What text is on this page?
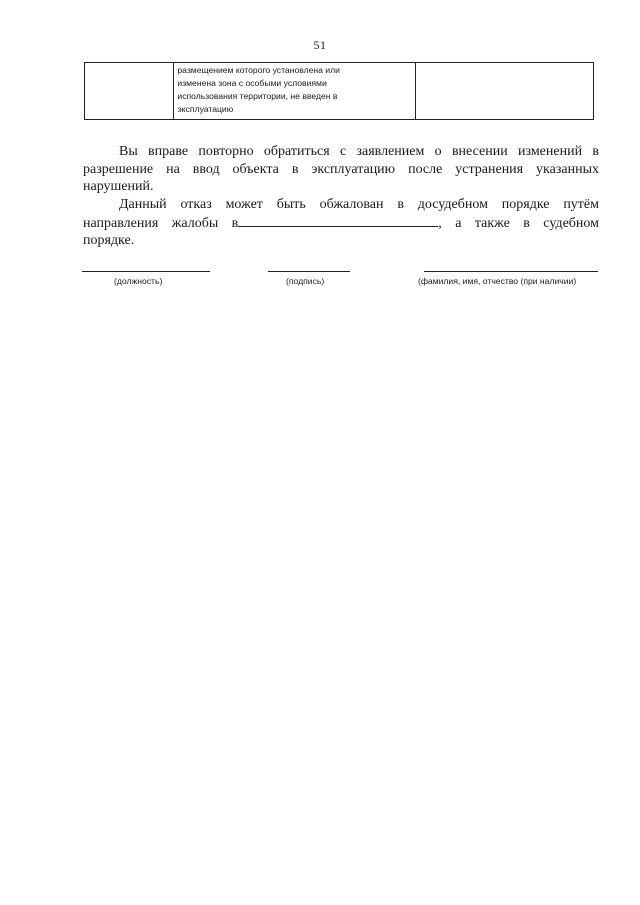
51

размещением которого установлена или
изменена зона с особыми условиями
использования территории, не введен в
эксплуатацию

Вы вправе повторно обратиться с заявлением о внесении изменений в
разрешение на ввод объекта в эксплуатацию после устранения указанных
нарушений.
Данный отказ может быть обжалован в досудебном порядке путём
направления жалобы в	, а также в судебном
порядке.
(должность)	(подпись)	(фамилия, имя, отчество (при наличии)
